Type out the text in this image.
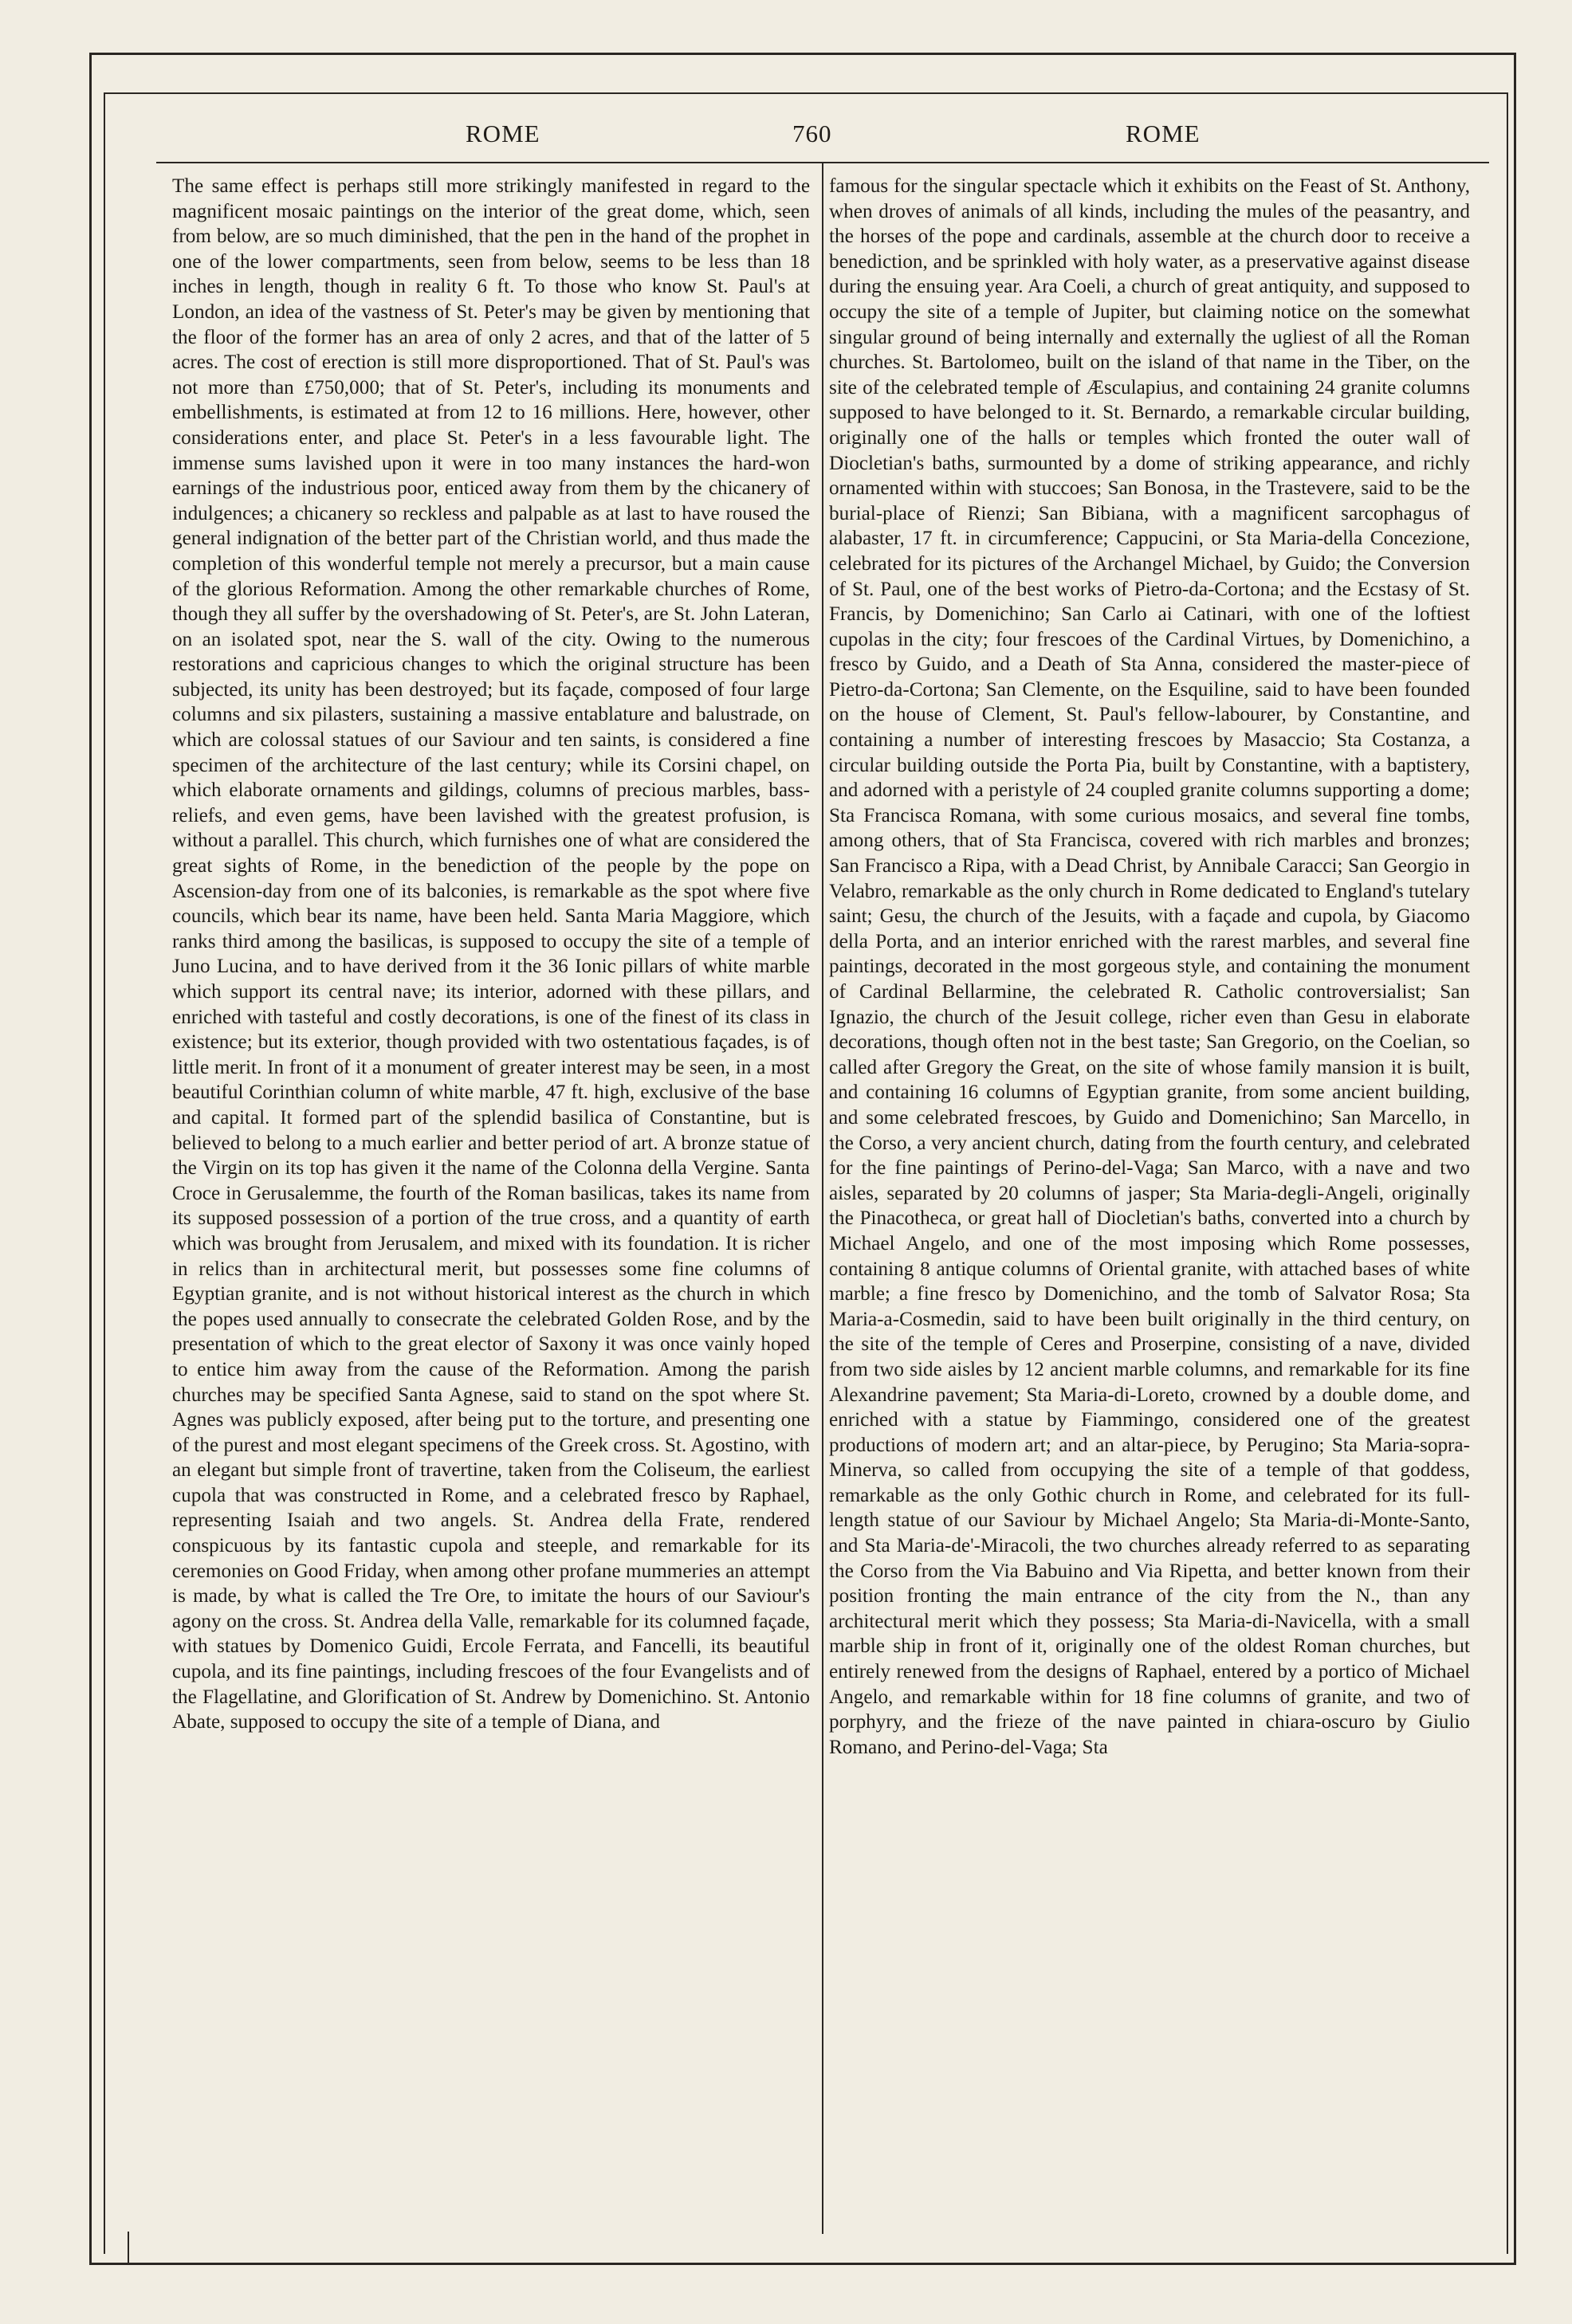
ROME	760	ROME

The same effect is perhaps still more strikingly manifested in regard to the magnificent mosaic paintings on the interior of the great dome, which, seen from below, are so much diminished, that the pen in the hand of the prophet in one of the lower compartments, seen from below, seems to be less than 18 inches in length, though in reality 6 ft. To those who know St. Paul's at London, an idea of the vastness of St. Peter's may be given by mentioning that the floor of the former has an area of only 2 acres, and that of the latter of 5 acres. The cost of erection is still more disproportioned. That of St. Paul's was not more than £750,000; that of St. Peter's, including its monuments and embellishments, is estimated at from 12 to 16 millions. Here, however, other considerations enter, and place St. Peter's in a less favourable light. The immense sums lavished upon it were in too many instances the hard-won earnings of the industrious poor, enticed away from them by the chicanery of indulgences; a chicanery so reckless and palpable as at last to have roused the general indignation of the better part of the Christian world, and thus made the completion of this wonderful temple not merely a precursor, but a main cause of the glorious Reformation. Among the other remarkable churches of Rome, though they all suffer by the overshadowing of St. Peter's, are St. John Lateran, on an isolated spot, near the S. wall of the city. Owing to the numerous restorations and capricious changes to which the original structure has been subjected, its unity has been destroyed; but its façade, composed of four large columns and six pilasters, sustaining a massive entablature and balustrade, on which are colossal statues of our Saviour and ten saints, is considered a fine specimen of the architecture of the last century; while its Corsini chapel, on which elaborate ornaments and gildings, columns of precious marbles, bass-reliefs, and even gems, have been lavished with the greatest profusion, is without a parallel. This church, which furnishes one of what are considered the great sights of Rome, in the benediction of the people by the pope on Ascension-day from one of its balconies, is remarkable as the spot where five councils, which bear its name, have been held. Santa Maria Maggiore, which ranks third among the basilicas, is supposed to occupy the site of a temple of Juno Lucina, and to have derived from it the 36 Ionic pillars of white marble which support its central nave; its interior, adorned with these pillars, and enriched with tasteful and costly decorations, is one of the finest of its class in existence; but its exterior, though provided with two ostentatious façades, is of little merit. In front of it a monument of greater interest may be seen, in a most beautiful Corinthian column of white marble, 47 ft. high, exclusive of the base and capital. It formed part of the splendid basilica of Constantine, but is believed to belong to a much earlier and better period of art. A bronze statue of the Virgin on its top has given it the name of the Colonna della Vergine. Santa Croce in Gerusalemme, the fourth of the Roman basilicas, takes its name from its supposed possession of a portion of the true cross, and a quantity of earth which was brought from Jerusalem, and mixed with its foundation. It is richer in relics than in architectural merit, but possesses some fine columns of Egyptian granite, and is not without historical interest as the church in which the popes used annually to consecrate the celebrated Golden Rose, and by the presentation of which to the great elector of Saxony it was once vainly hoped to entice him away from the cause of the Reformation. Among the parish churches may be specified Santa Agnese, said to stand on the spot where St. Agnes was publicly exposed, after being put to the torture, and presenting one of the purest and most elegant specimens of the Greek cross. St. Agostino, with an elegant but simple front of travertine, taken from the Coliseum, the earliest cupola that was constructed in Rome, and a celebrated fresco by Raphael, representing Isaiah and two angels. St. Andrea della Frate, rendered conspicuous by its fantastic cupola and steeple, and remarkable for its ceremonies on Good Friday, when among other profane mummeries an attempt is made, by what is called the Tre Ore, to imitate the hours of our Saviour's agony on the cross. St. Andrea della Valle, remarkable for its columned façade, with statues by Domenico Guidi, Ercole Ferrata, and Fancelli, its beautiful cupola, and its fine paintings, including frescoes of the four Evangelists and of the Flagellatine, and Glorification of St. Andrew by Domenichino. St. Antonio Abate, supposed to occupy the site of a temple of Diana, and

famous for the singular spectacle which it exhibits on the Feast of St. Anthony, when droves of animals of all kinds, including the mules of the peasantry, and the horses of the pope and cardinals, assemble at the church door to receive a benediction, and be sprinkled with holy water, as a preservative against disease during the ensuing year. Ara Coeli, a church of great antiquity, and supposed to occupy the site of a temple of Jupiter, but claiming notice on the somewhat singular ground of being internally and externally the ugliest of all the Roman churches. St. Bartolomeo, built on the island of that name in the Tiber, on the site of the celebrated temple of Æsculapius, and containing 24 granite columns supposed to have belonged to it. St. Bernardo, a remarkable circular building, originally one of the halls or temples which fronted the outer wall of Diocletian's baths, surmounted by a dome of striking appearance, and richly ornamented within with stuccoes; San Bonosa, in the Trastevere, said to be the burial-place of Rienzi; San Bibiana, with a magnificent sarcophagus of alabaster, 17 ft. in circumference; Cappucini, or Sta Maria-della Concezione, celebrated for its pictures of the Archangel Michael, by Guido; the Conversion of St. Paul, one of the best works of Pietro-da-Cortona; and the Ecstasy of St. Francis, by Domenichino; San Carlo ai Catinari, with one of the loftiest cupolas in the city; four frescoes of the Cardinal Virtues, by Domenichino, a fresco by Guido, and a Death of Sta Anna, considered the master-piece of Pietro-da-Cortona; San Clemente, on the Esquiline, said to have been founded on the house of Clement, St. Paul's fellow-labourer, by Constantine, and containing a number of interesting frescoes by Masaccio; Sta Costanza, a circular building outside the Porta Pia, built by Constantine, with a baptistery, and adorned with a peristyle of 24 coupled granite columns supporting a dome; Sta Francisca Romana, with some curious mosaics, and several fine tombs, among others, that of Sta Francisca, covered with rich marbles and bronzes; San Francisco a Ripa, with a Dead Christ, by Annibale Caracci; San Georgio in Velabro, remarkable as the only church in Rome dedicated to England's tutelary saint; Gesu, the church of the Jesuits, with a façade and cupola, by Giacomo della Porta, and an interior enriched with the rarest marbles, and several fine paintings, decorated in the most gorgeous style, and containing the monument of Cardinal Bellarmine, the celebrated R. Catholic controversialist; San Ignazio, the church of the Jesuit college, richer even than Gesu in elaborate decorations, though often not in the best taste; San Gregorio, on the Coelian, so called after Gregory the Great, on the site of whose family mansion it is built, and containing 16 columns of Egyptian granite, from some ancient building, and some celebrated frescoes, by Guido and Domenichino; San Marcello, in the Corso, a very ancient church, dating from the fourth century, and celebrated for the fine paintings of Perino-del-Vaga; San Marco, with a nave and two aisles, separated by 20 columns of jasper; Sta Maria-degli-Angeli, originally the Pinacotheca, or great hall of Diocletian's baths, converted into a church by Michael Angelo, and one of the most imposing which Rome possesses, containing 8 antique columns of Oriental granite, with attached bases of white marble; a fine fresco by Domenichino, and the tomb of Salvator Rosa; Sta Maria-a-Cosmedin, said to have been built originally in the third century, on the site of the temple of Ceres and Proserpine, consisting of a nave, divided from two side aisles by 12 ancient marble columns, and remarkable for its fine Alexandrine pavement; Sta Maria-di-Loreto, crowned by a double dome, and enriched with a statue by Fiammingo, considered one of the greatest productions of modern art; and an altar-piece, by Perugino; Sta Maria-sopra-Minerva, so called from occupying the site of a temple of that goddess, remarkable as the only Gothic church in Rome, and celebrated for its full-length statue of our Saviour by Michael Angelo; Sta Maria-di-Monte-Santo, and Sta Maria-de'-Miracoli, the two churches already referred to as separating the Corso from the Via Babuino and Via Ripetta, and better known from their position fronting the main entrance of the city from the N., than any architectural merit which they possess; Sta Maria-di-Navicella, with a small marble ship in front of it, originally one of the oldest Roman churches, but entirely renewed from the designs of Raphael, entered by a portico of Michael Angelo, and remarkable within for 18 fine columns of granite, and two of porphyry, and the frieze of the nave painted in chiara-oscuro by Giulio Romano, and Perino-del-Vaga; Sta
